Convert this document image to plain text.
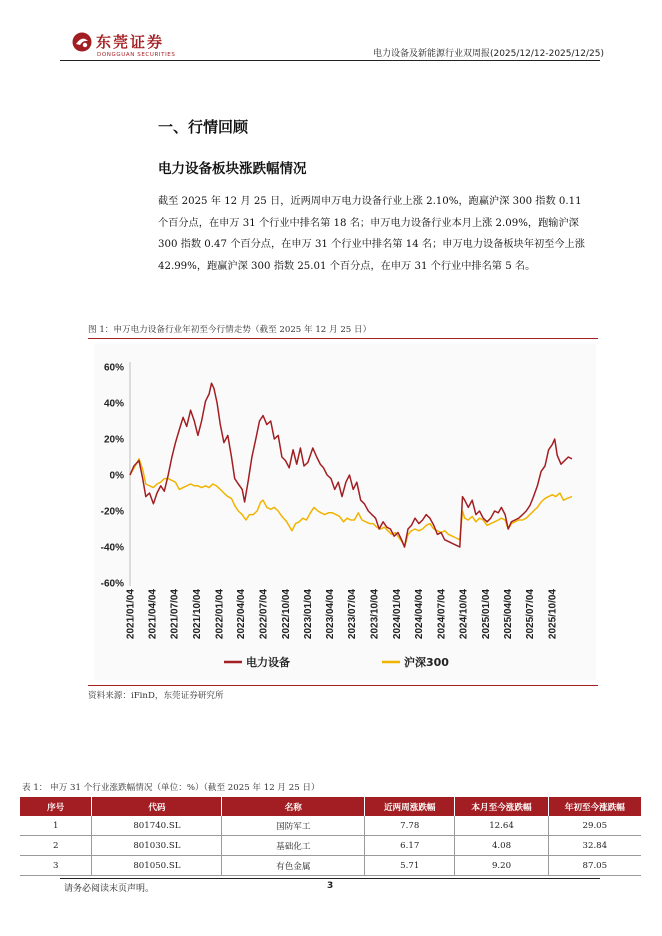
东莞证券
DONGGUAN SECURITIES	电力设备及新能源行业双周报(2025/12/12-2025/12/25)
一、行情回顾
电力设备板块涨跌幅情况
截至 2025 年 12 月 25 日，近两周申万电力设备行业上涨 2.10%，跑赢沪深 300 指数 0.11 个百分点，在申万 31 个行业中排名第 18 名；申万电力设备行业本月上涨 2.09%，跑输沪深 300 指数 0.47 个百分点，在申万 31 个行业中排名第 14 名；申万电力设备板块年初至今上涨 42.99%，跑赢沪深 300 指数 25.01 个百分点，在申万 31 个行业中排名第 5 名。
图 1：申万电力设备行业年初至今行情走势（截至 2025 年 12 月 25 日）
60%
40%
20%
0%
-20%
-40%
-60%
2021/01/04 2021/04/04 2021/07/04 2021/10/04 2022/01/04 2022/04/04 2022/07/04 2022/10/04 2023/01/04 2023/04/04 2023/07/04 2023/10/04 2024/01/04 2024/04/04 2024/07/04 2024/10/04 2025/01/04 2025/04/04 2025/07/04 2025/10/04
电力设备	沪深300
资料来源：iFinD，东莞证券研究所
表 1： 申万 31 个行业涨跌幅情况（单位：%）（截至 2025 年 12 月 25 日）
序号	代码	名称	近两周涨跌幅	本月至今涨跌幅	年初至今涨跌幅
1	801740.SL	国防军工	7.78	12.64	29.05
2	801030.SL	基础化工	6.17	4.08	32.84
3	801050.SL	有色金属	5.71	9.20	87.05
请务必阅读末页声明。	3
